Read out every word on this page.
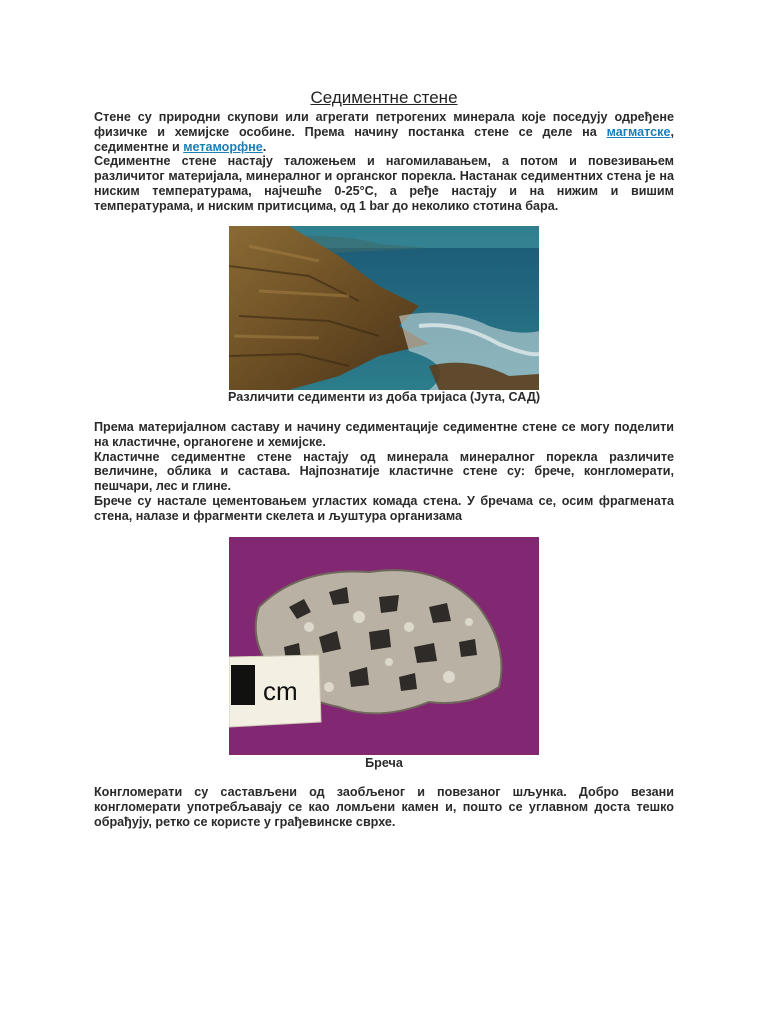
Седиментне стене

Стене су природни скупови или агрегати петрогених минерала које поседују одређене физичке и хемијске особине. Према начину постанка стене се деле на магматске, седиментне и метаморфне.

Седиментне стене настају таложењем и нагомилавањем, а потом и повезивањем различитог материјала, минералног и органског порекла. Настанак седиментних стена је на ниским температурама, најчешће 0-25°C, а ређе настају и на нижим и вишим температурама, и ниским притисцима, од 1 bar до неколико стотина бара.

Различити седименти из доба тријаса (Јута, САД)

Према материјалном саставу и начину седиментације седиментне стене се могу поделити на кластичне, органогене и хемијске.

Кластичне седиментне стене настају од минерала минералног порекла различите величине, облика и састава. Најпознатије кластичне стене су: брече, конгломерати, пешчари, лес и глине.

Брече су настале цементовањем угластих комада стена. У бречама се, осим фрагмената стена, налазе и фрагменти скелета и љуштура организама

cm
Бреча

Конгломерати су састављени од заобљеног и повезаног шљунка. Добро везани конгломерати употребљавају се као ломљени камен и, пошто се углавном доста тешко обрађују, ретко се користе у грађевинске сврхе.
